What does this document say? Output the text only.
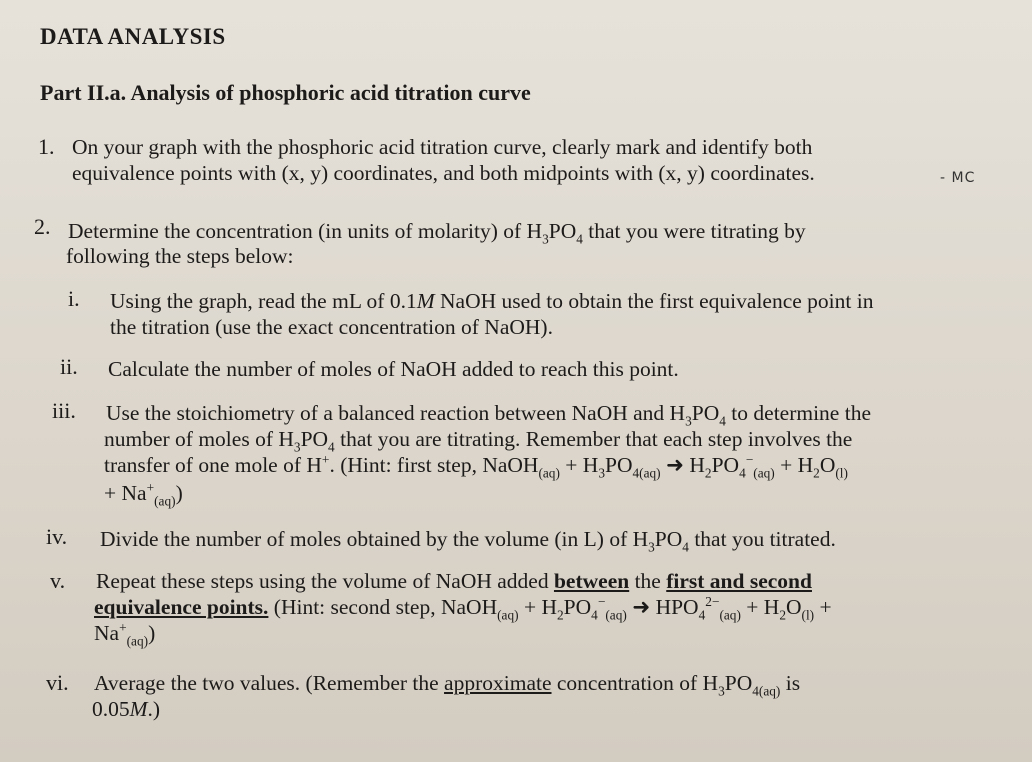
DATA ANALYSIS
Part II.a. Analysis of phosphoric acid titration curve
1. On your graph with the phosphoric acid titration curve, clearly mark and identify both
equivalence points with (x, y) coordinates, and both midpoints with (x, y) coordinates.	- MC
2. Determine the concentration (in units of molarity) of $H_3PO_4$ that you were titrating by
following the steps below:
i. Using the graph, read the mL of 0.1M NaOH used to obtain the first equivalence point in
the titration (use the exact concentration of NaOH).
ii. Calculate the number of moles of NaOH added to reach this point.
iii. Use the stoichiometry of a balanced reaction between NaOH and $H_3PO_4$ to determine the
number of moles of $H_3PO_4$ that you are titrating. Remember that each step involves the
transfer of one mole of H+. (Hint: first step, NaOH$_{(aq)}$ + $H_3PO_{4(aq)}$ ➜ $H_2PO_4^-_{(aq)} + H_2O_{(l)}$
+ $Na^+_{(aq)}$)
iv. Divide the number of moles obtained by the volume (in L) of $H_3PO_4$ that you titrated.
v. Repeat these steps using the volume of NaOH added between the first and second
equivalence points. (Hint: second step, NaOH$_{(aq)}$ + $H_2PO_4^-_{(aq)}$ ➜ $HPO_4^{2-}_{(aq)} + H_2O_{(l)}$ +
$Na^+_{(aq)}$)
vi. Average the two values. (Remember the approximate concentration of $H_3PO_{4(aq)}$ is
0.05M.)
